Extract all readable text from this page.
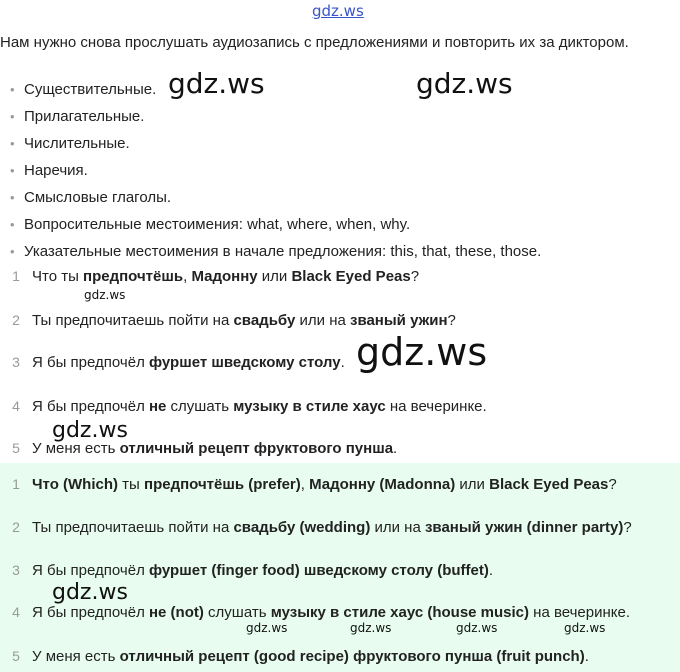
gdz.ws
Нам нужно снова прослушать аудиозапись с предложениями и повторить их за диктором.
• Существительные.
• Прилагательные.
• Числительные.
• Наречия.
• Смысловые глаголы.
• Вопросительные местоимения: what, where, when, why.
• Указательные местоимения в начале предложения: this, that, these, those.
1 Что ты предпочтёшь, Мадонну или Black Eyed Peas?
2 Ты предпочитаешь пойти на свадьбу или на званый ужин?
3 Я бы предпочёл фуршет шведскому столу.
4 Я бы предпочёл не слушать музыку в стиле хаус на вечеринке.
5 У меня есть отличный рецепт фруктового пунша.
1 Что (Which) ты предпочтёшь (prefer), Мадонну (Madonna) или Black Eyed Peas?
2 Ты предпочитаешь пойти на свадьбу (wedding) или на званый ужин (dinner party)?
3 Я бы предпочёл фуршет (finger food) шведскому столу (buffet).
4 Я бы предпочёл не (not) слушать музыку в стиле хаус (house music) на вечеринке.
5 У меня есть отличный рецепт (good recipe) фруктового пунша (fruit punch).
gdz.ws	gdz.ws
gdz.ws
gdz.ws
gdz.ws
gdz.ws
gdz.ws	gdz.ws	gdz.ws	gdz.ws
